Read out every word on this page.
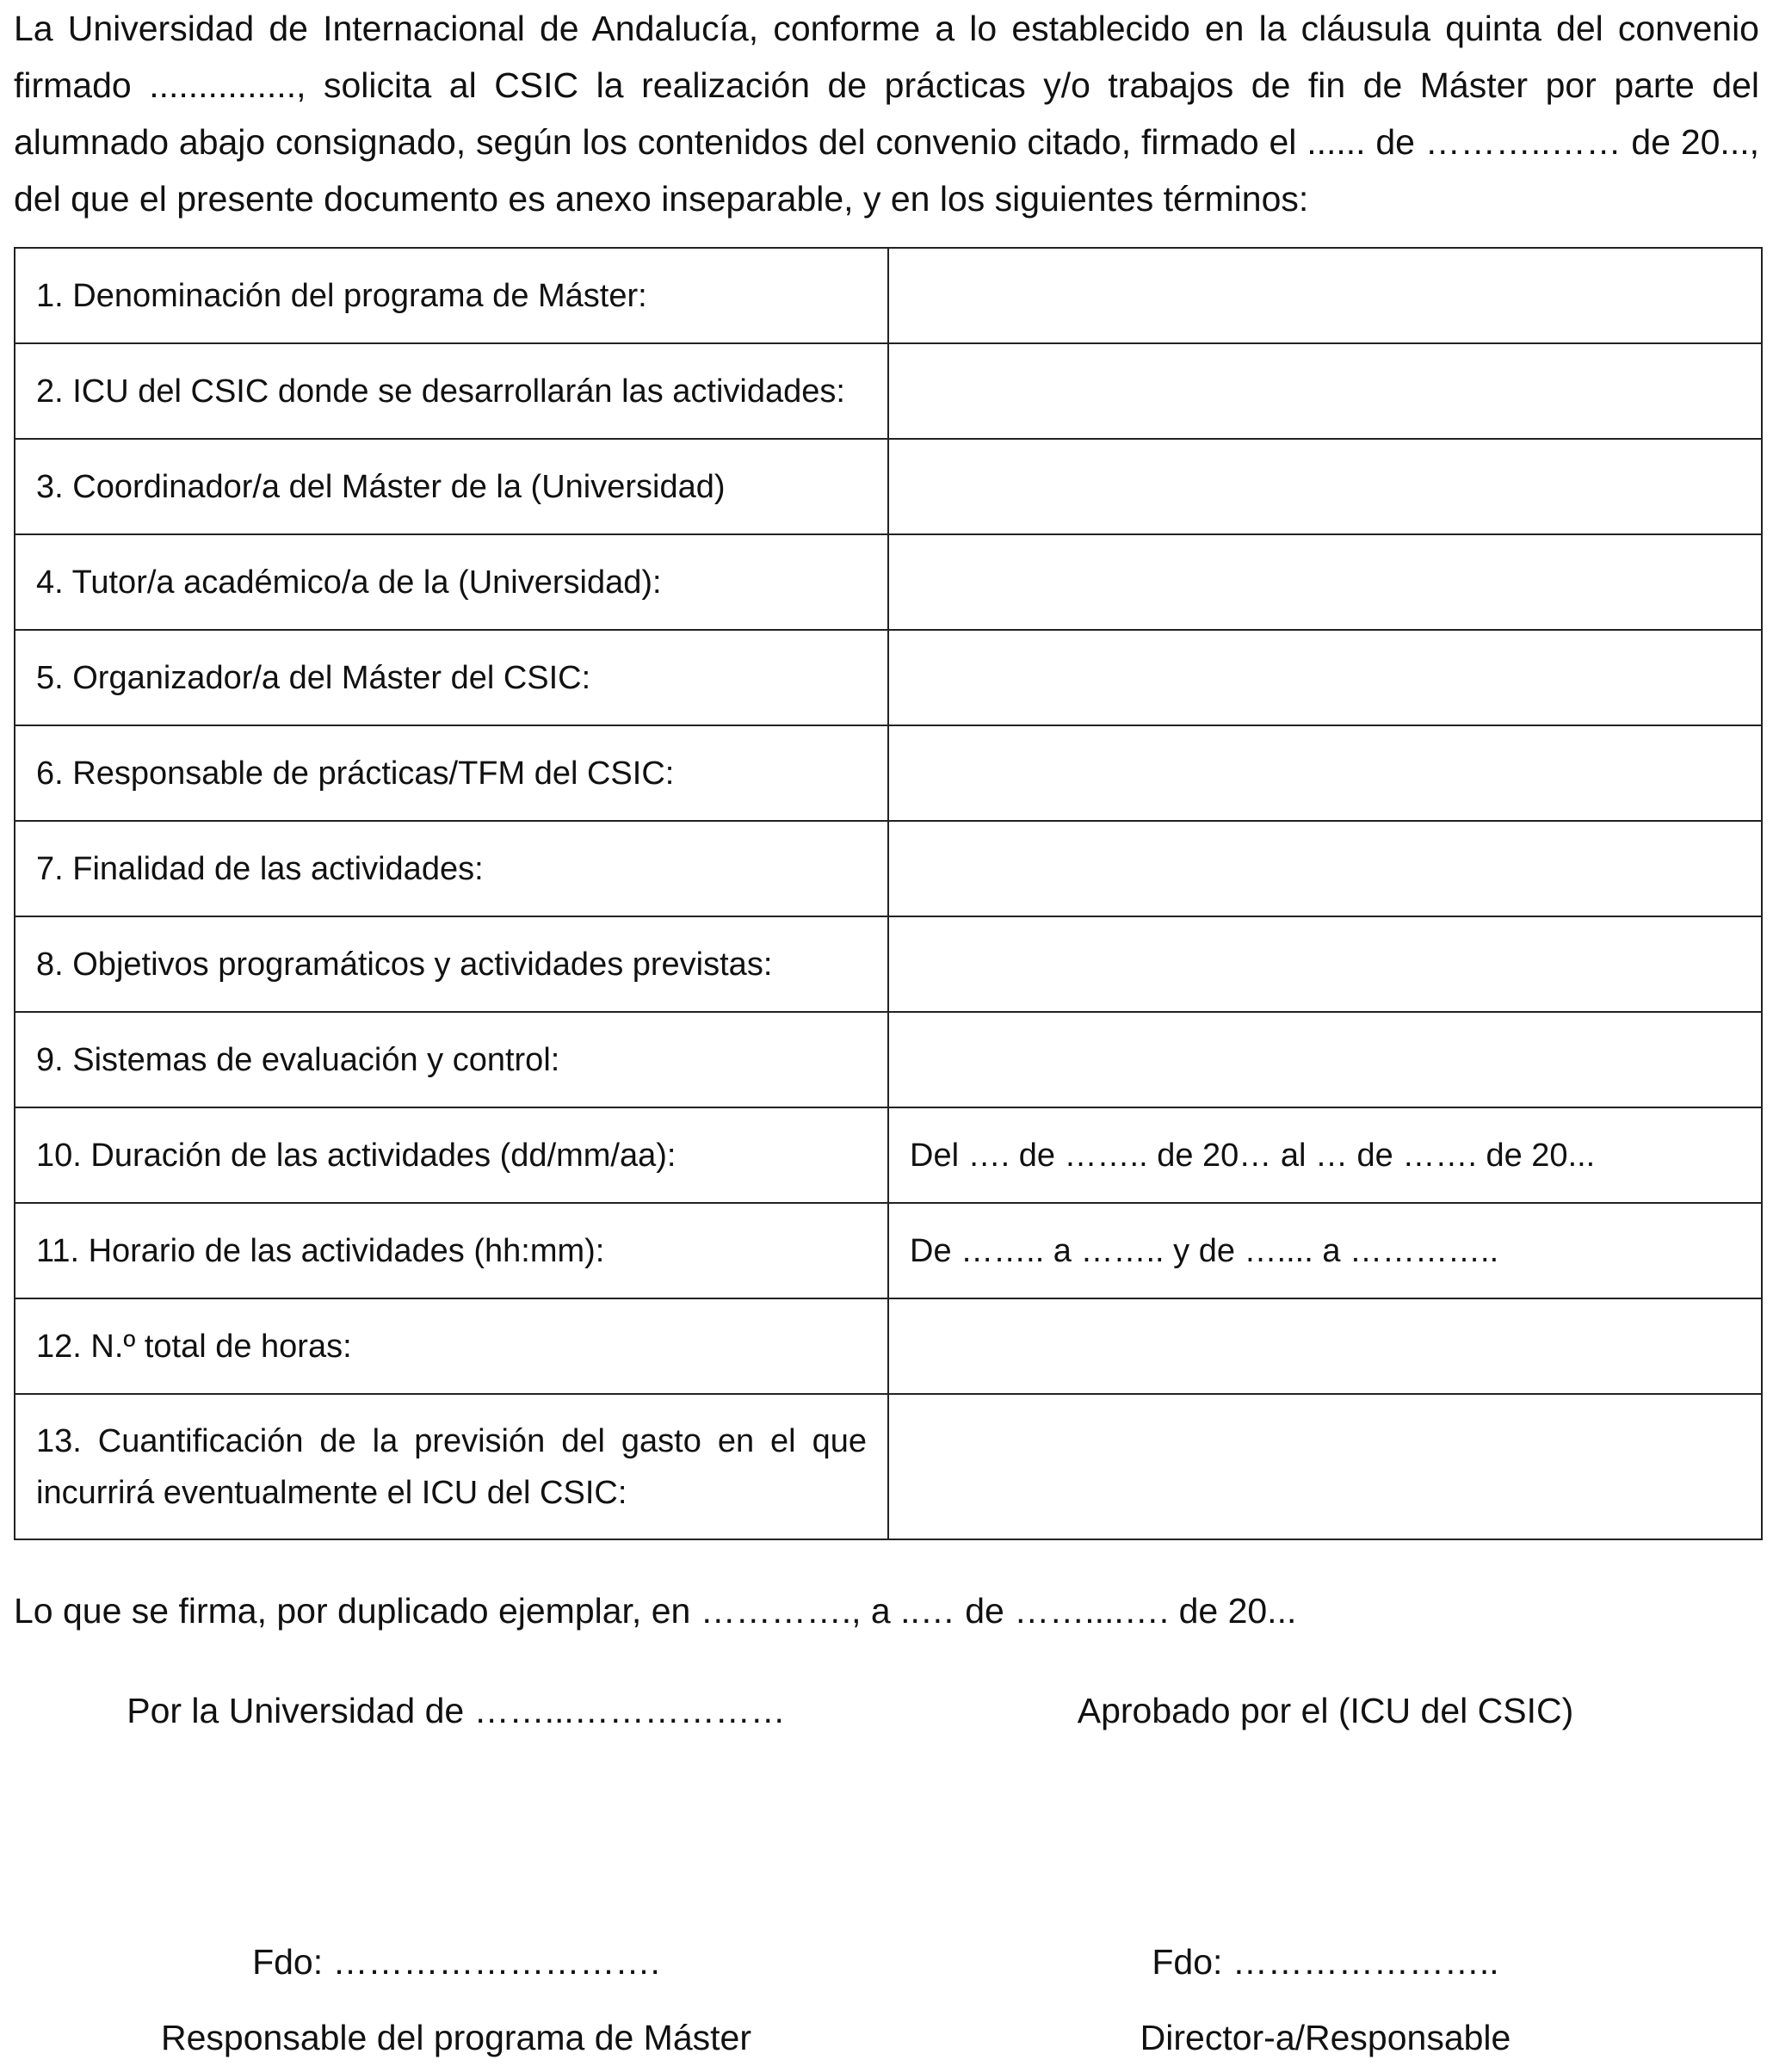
La Universidad de Internacional de Andalucía, conforme a lo establecido en la cláusula quinta del convenio firmado ..............., solicita al CSIC la realización de prácticas y/o trabajos de fin de Máster por parte del alumnado abajo consignado, según los contenidos del convenio citado, firmado el ...... de ………..…… de 20..., del que el presente documento es anexo inseparable, y en los siguientes términos:

1. Denominación del programa de Máster:	
2. ICU del CSIC donde se desarrollarán las actividades:	
3. Coordinador/a del Máster de la (Universidad)	
4. Tutor/a académico/a de la (Universidad):	
5. Organizador/a del Máster del CSIC:	
6. Responsable de prácticas/TFM del CSIC:	
7. Finalidad de las actividades:	
8. Objetivos programáticos y actividades previstas:	
9. Sistemas de evaluación y control:	
10. Duración de las actividades (dd/mm/aa):	Del …. de …….. de 20… al … de ……. de 20...
11. Horario de las actividades (hh:mm):	De …….. a …….. y de ….... a …………..
12. N.º total de horas:	
13. Cuantificación de la previsión del gasto en el que incurrirá eventualmente el ICU del CSIC:	

Lo que se firma, por duplicado ejemplar, en …………., a ..… de ……....…. de 20...

Por la Universidad de ……...………………	Aprobado por el (ICU del CSIC)
Fdo: ……………………….	Fdo: …………………..
Responsable del programa de Máster	Director-a/Responsable
